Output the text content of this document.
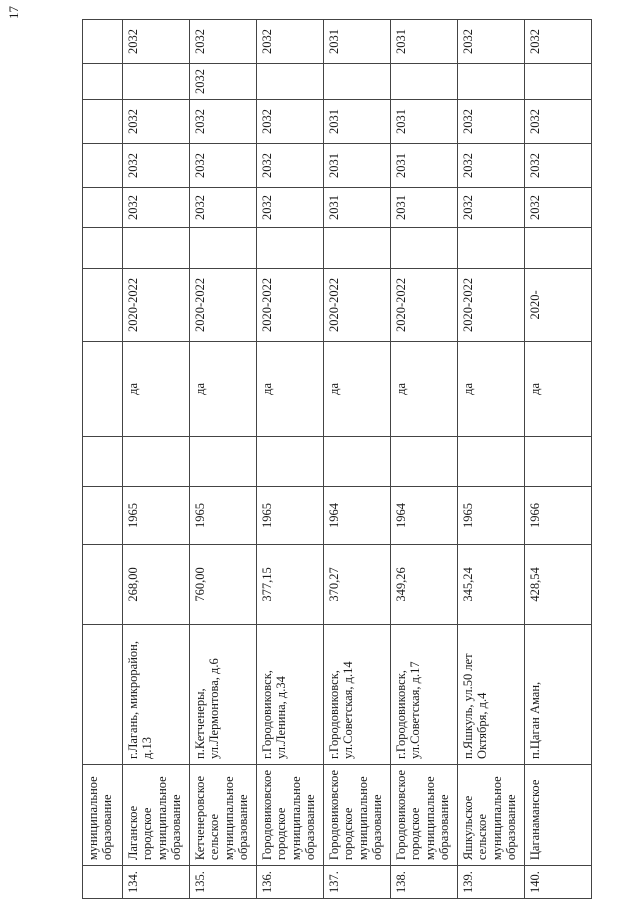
17
	муниципальное образование												
134.	Лаганское городское муниципальное образование	г.Лагань, микрорайон, д.13	268,00	1965		да	2020-2022		2032	2032	2032		2032
135.	Кетченеровское сельское муниципальное образование	п.Кетченеры, ул.Лермонтова, д.6	760,00	1965		да	2020-2022		2032	2032	2032	2032	2032
136.	Городовиковское городское муниципальное образование	г.Городовиковск, ул.Ленина, д.34	377,15	1965		да	2020-2022		2032	2032	2032		2032
137.	Городовиковское городское муниципальное образование	г.Городовиковск, ул.Советская, д.14	370,27	1964		да	2020-2022		2031	2031	2031		2031
138.	Городовиковское городское муниципальное образование	г.Городовиковск, ул.Советская, д.17	349,26	1964		да	2020-2022		2031	2031	2031		2031
139.	Яшкульское сельское муниципальное образование	п.Яшкуль, ул.50 лет Октября, д.4	345,24	1965		да	2020-2022		2032	2032	2032		2032
140.	Цаганаманское	п.Цаган Аман,	428,54	1966		да	2020-		2032	2032	2032		2032
